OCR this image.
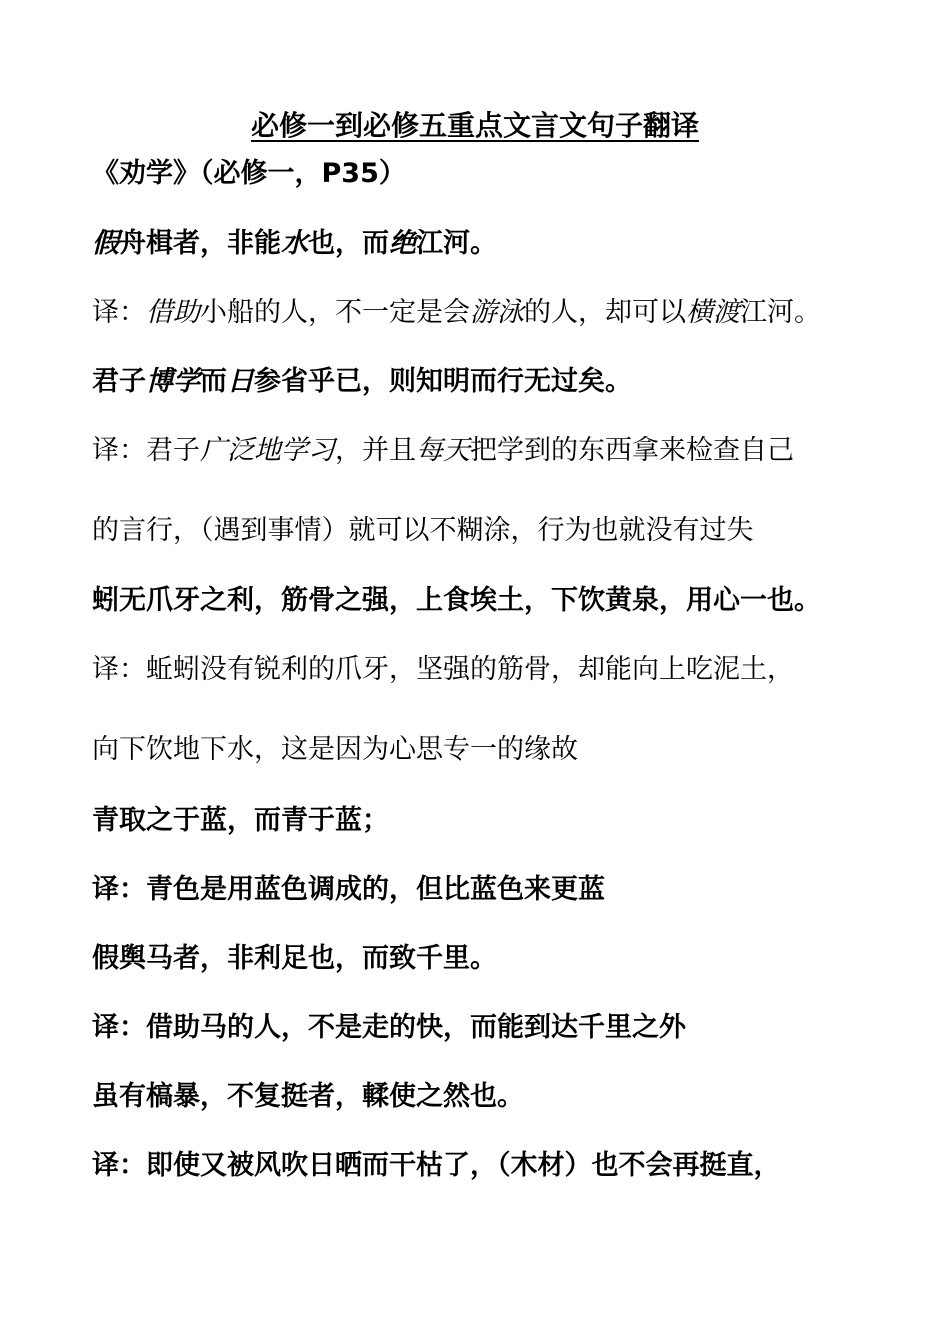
必修一到必修五重点文言文句子翻译
《劝学》（必修一，P35）
假舟楫者，非能水也，而绝江河。
译：借助小船的人，不一定是会游泳的人，却可以横渡江河。
君子博学而日参省乎已，则知明而行无过矣。
译：君子广泛地学习，并且每天把学到的东西拿来检查自己
的言行，（遇到事情）就可以不糊涂，行为也就没有过失
蚓无爪牙之利，筋骨之强，上食埃土，下饮黄泉，用心一也。
译：蚯蚓没有锐利的爪牙，坚强的筋骨，却能向上吃泥土，
向下饮地下水，这是因为心思专一的缘故
青取之于蓝，而青于蓝；
译：青色是用蓝色调成的，但比蓝色来更蓝
假舆马者，非利足也，而致千里。
译：借助马的人，不是走的快，而能到达千里之外
虽有槁暴，不复挺者，輮使之然也。
译：即使又被风吹日晒而干枯了，（木材）也不会再挺直，
